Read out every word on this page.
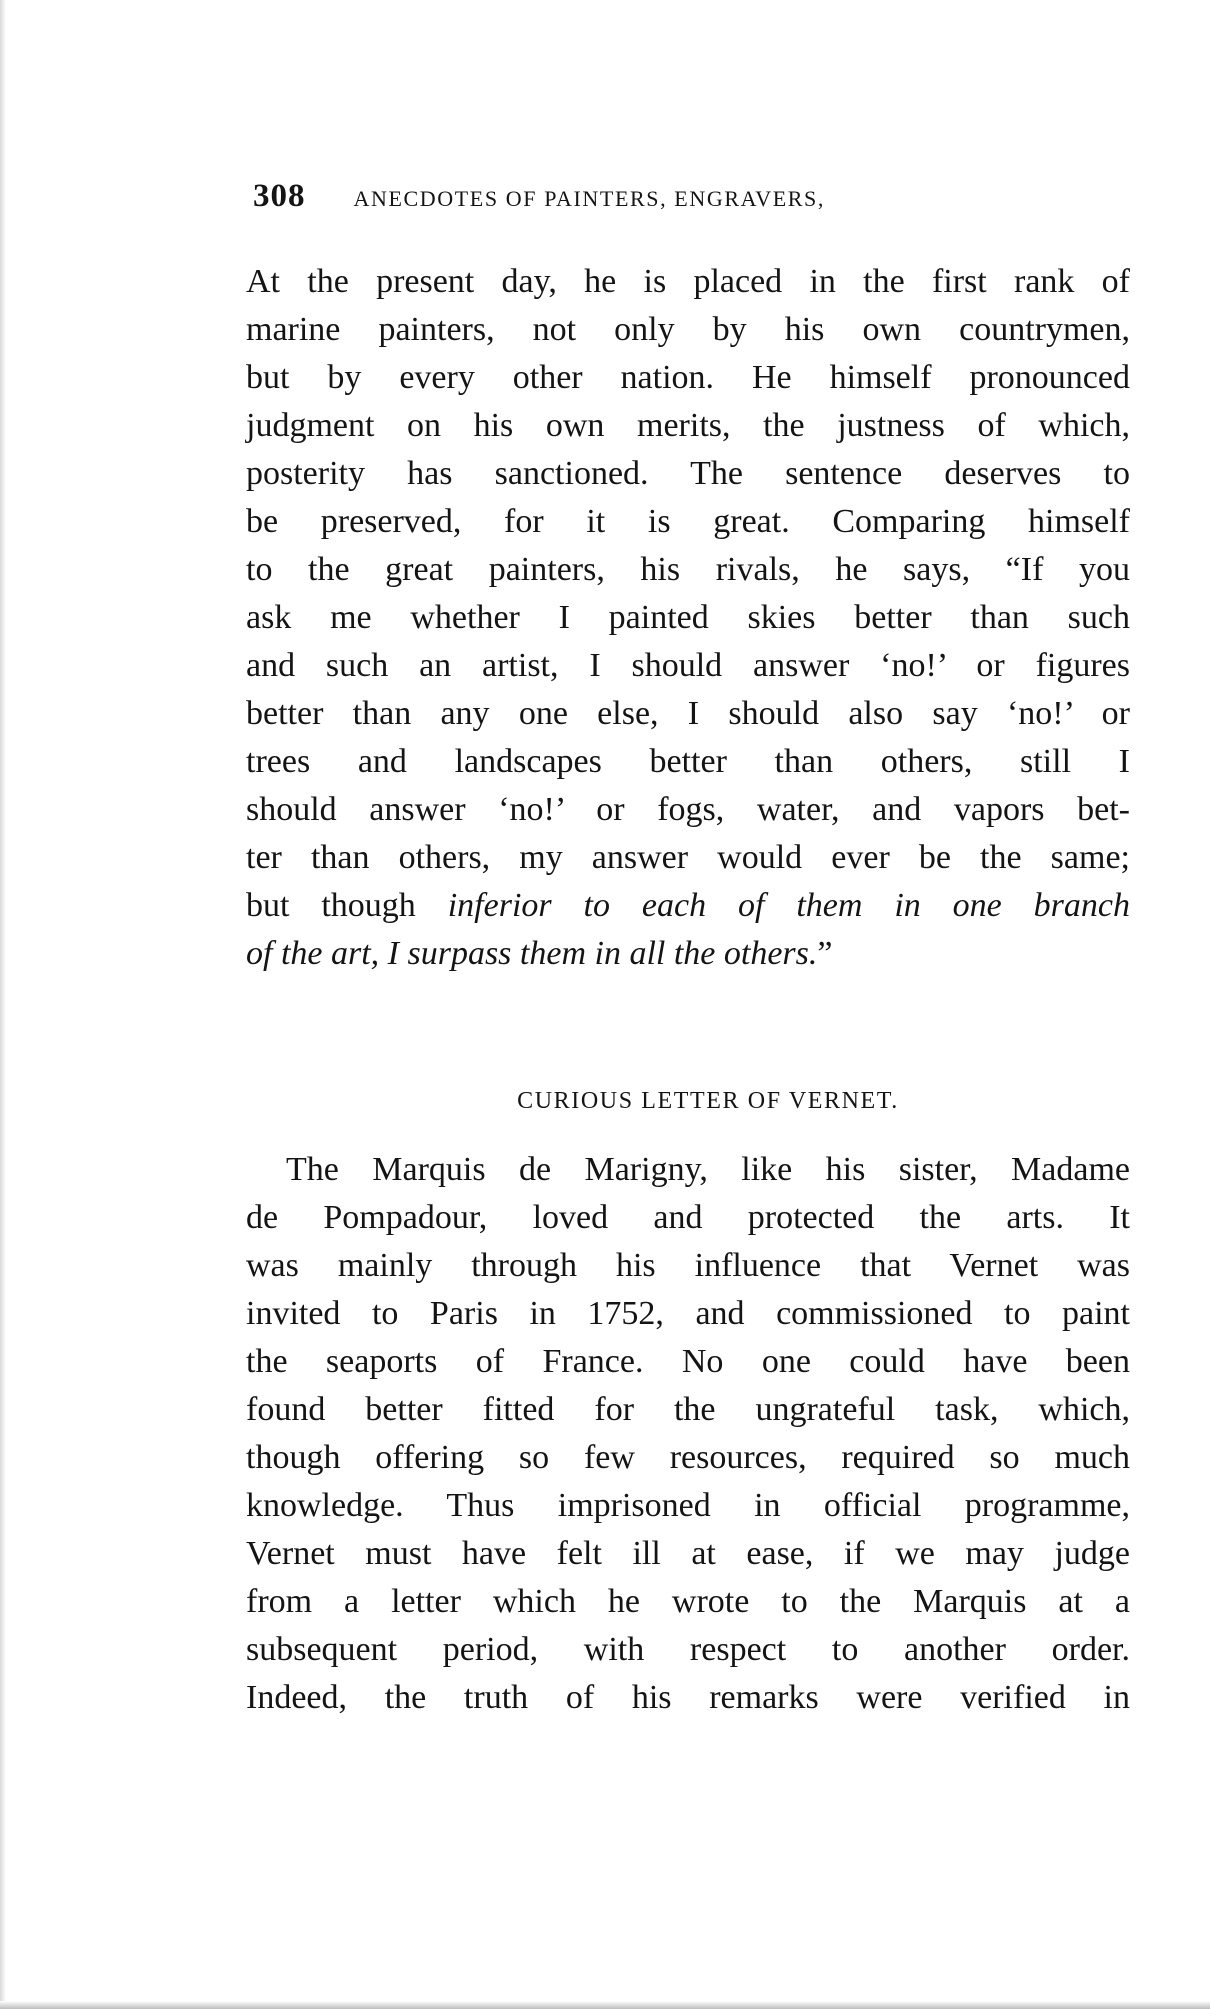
308 ANECDOTES OF PAINTERS, ENGRAVERS,
At the present day, he is placed in the first rank of
marine painters, not only by his own countrymen,
but by every other nation. He himself pronounced
judgment on his own merits, the justness of which,
posterity has sanctioned. The sentence deserves to
be preserved, for it is great. Comparing himself
to the great painters, his rivals, he says, “If you
ask me whether I painted skies better than such
and such an artist, I should answer ‘no!’ or figures
better than any one else, I should also say ‘no!’ or
trees and landscapes better than others, still I
should answer ‘no!’ or fogs, water, and vapors bet-
ter than others, my answer would ever be the same;
but though inferior to each of them in one branch
of the art, I surpass them in all the others.”
CURIOUS LETTER OF VERNET.
The Marquis de Marigny, like his sister, Madame
de Pompadour, loved and protected the arts. It
was mainly through his influence that Vernet was
invited to Paris in 1752, and commissioned to paint
the seaports of France. No one could have been
found better fitted for the ungrateful task, which,
though offering so few resources, required so much
knowledge. Thus imprisoned in official programme,
Vernet must have felt ill at ease, if we may judge
from a letter which he wrote to the Marquis at a
subsequent period, with respect to another order.
Indeed, the truth of his remarks were verified in
